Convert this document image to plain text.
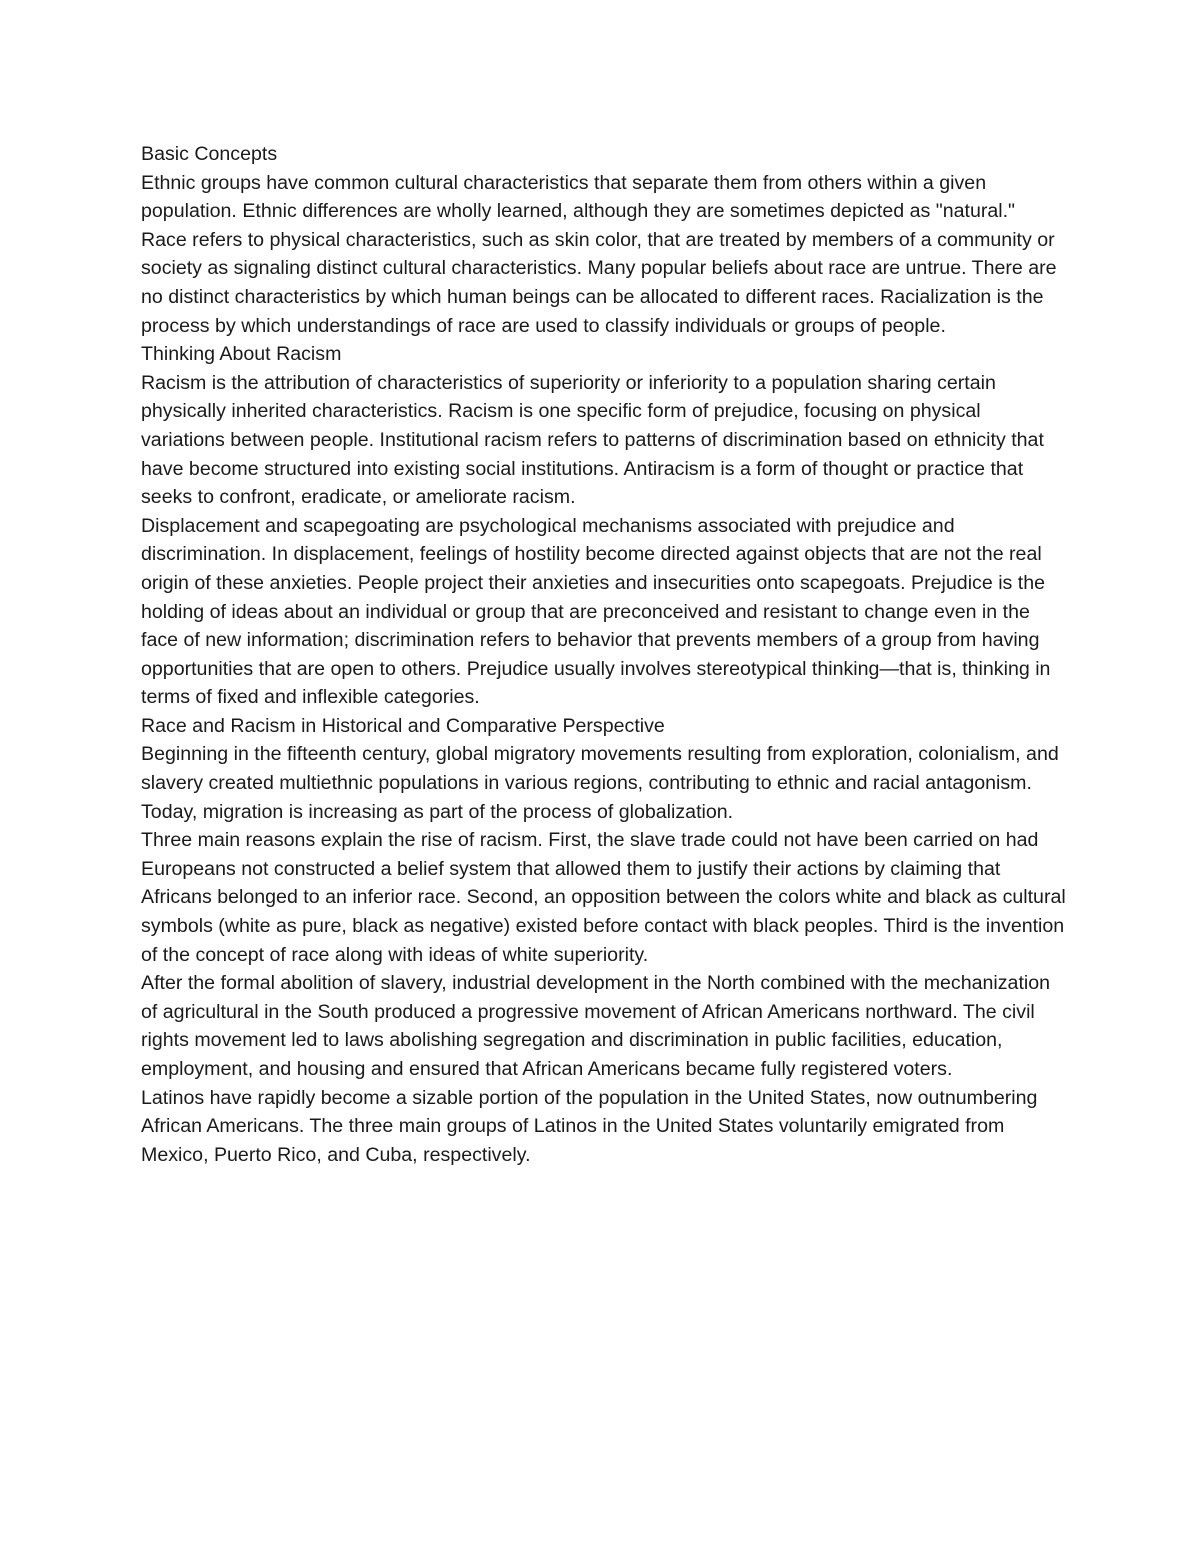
Basic Concepts

Ethnic groups have common cultural characteristics that separate them from others within a given population. Ethnic differences are wholly learned, although they are sometimes depicted as "natural."

Race refers to physical characteristics, such as skin color, that are treated by members of a community or society as signaling distinct cultural characteristics. Many popular beliefs about race are untrue. There are no distinct characteristics by which human beings can be allocated to different races. Racialization is the process by which understandings of race are used to classify individuals or groups of people.

Thinking About Racism

Racism is the attribution of characteristics of superiority or inferiority to a population sharing certain physically inherited characteristics. Racism is one specific form of prejudice, focusing on physical variations between people. Institutional racism refers to patterns of discrimination based on ethnicity that have become structured into existing social institutions. Antiracism is a form of thought or practice that seeks to confront, eradicate, or ameliorate racism.

Displacement and scapegoating are psychological mechanisms associated with prejudice and discrimination. In displacement, feelings of hostility become directed against objects that are not the real origin of these anxieties. People project their anxieties and insecurities onto scapegoats. Prejudice is the holding of ideas about an individual or group that are preconceived and resistant to change even in the face of new information; discrimination refers to behavior that prevents members of a group from having opportunities that are open to others. Prejudice usually involves stereotypical thinking—that is, thinking in terms of fixed and inflexible categories.

Race and Racism in Historical and Comparative Perspective

Beginning in the fifteenth century, global migratory movements resulting from exploration, colonialism, and slavery created multiethnic populations in various regions, contributing to ethnic and racial antagonism. Today, migration is increasing as part of the process of globalization.

Three main reasons explain the rise of racism. First, the slave trade could not have been carried on had Europeans not constructed a belief system that allowed them to justify their actions by claiming that Africans belonged to an inferior race. Second, an opposition between the colors white and black as cultural symbols (white as pure, black as negative) existed before contact with black peoples. Third is the invention of the concept of race along with ideas of white superiority.

After the formal abolition of slavery, industrial development in the North combined with the mechanization of agricultural in the South produced a progressive movement of African Americans northward. The civil rights movement led to laws abolishing segregation and discrimination in public facilities, education, employment, and housing and ensured that African Americans became fully registered voters.

Latinos have rapidly become a sizable portion of the population in the United States, now outnumbering African Americans. The three main groups of Latinos in the United States voluntarily emigrated from Mexico, Puerto Rico, and Cuba, respectively.
